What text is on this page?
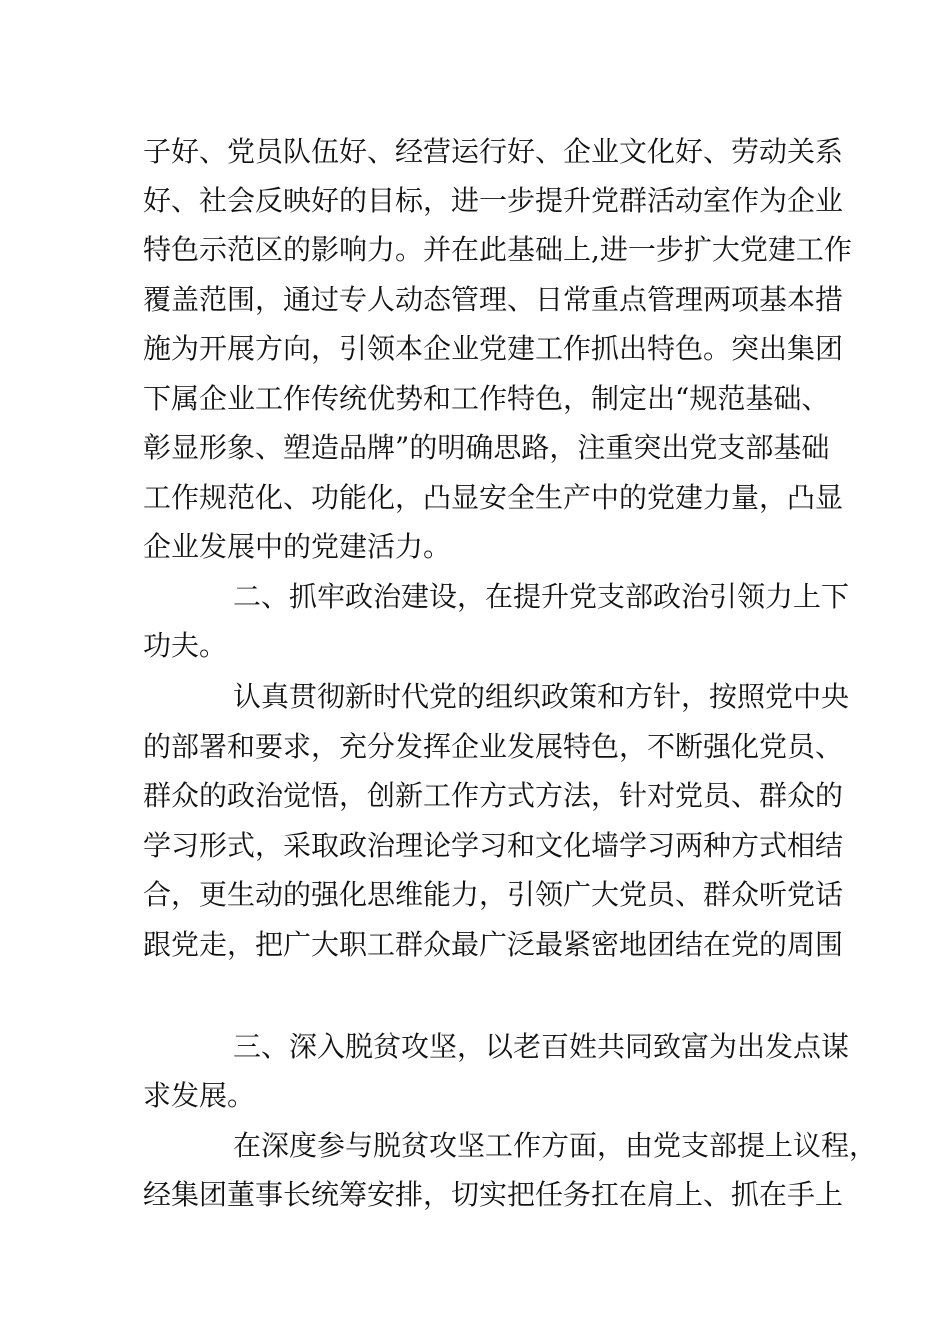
子好、党员队伍好、经营运行好、企业文化好、劳动关系
好、社会反映好的目标，进一步提升党群活动室作为企业
特色示范区的影响力。并在此基础上,进一步扩大党建工作
覆盖范围，通过专人动态管理、日常重点管理两项基本措
施为开展方向，引领本企业党建工作抓出特色。突出集团
下属企业工作传统优势和工作特色，制定出“规范基础、
彰显形象、塑造品牌”的明确思路，注重突出党支部基础
工作规范化、功能化，凸显安全生产中的党建力量，凸显
企业发展中的党建活力。
二、抓牢政治建设，在提升党支部政治引领力上下
功夫。
认真贯彻新时代党的组织政策和方针，按照党中央
的部署和要求，充分发挥企业发展特色，不断强化党员、
群众的政治觉悟，创新工作方式方法，针对党员、群众的
学习形式，采取政治理论学习和文化墙学习两种方式相结
合，更生动的强化思维能力，引领广大党员、群众听党话
跟党走，把广大职工群众最广泛最紧密地团结在党的周围
三、深入脱贫攻坚，以老百姓共同致富为出发点谋
求发展。
在深度参与脱贫攻坚工作方面，由党支部提上议程，
经集团董事长统筹安排，切实把任务扛在肩上、抓在手上
